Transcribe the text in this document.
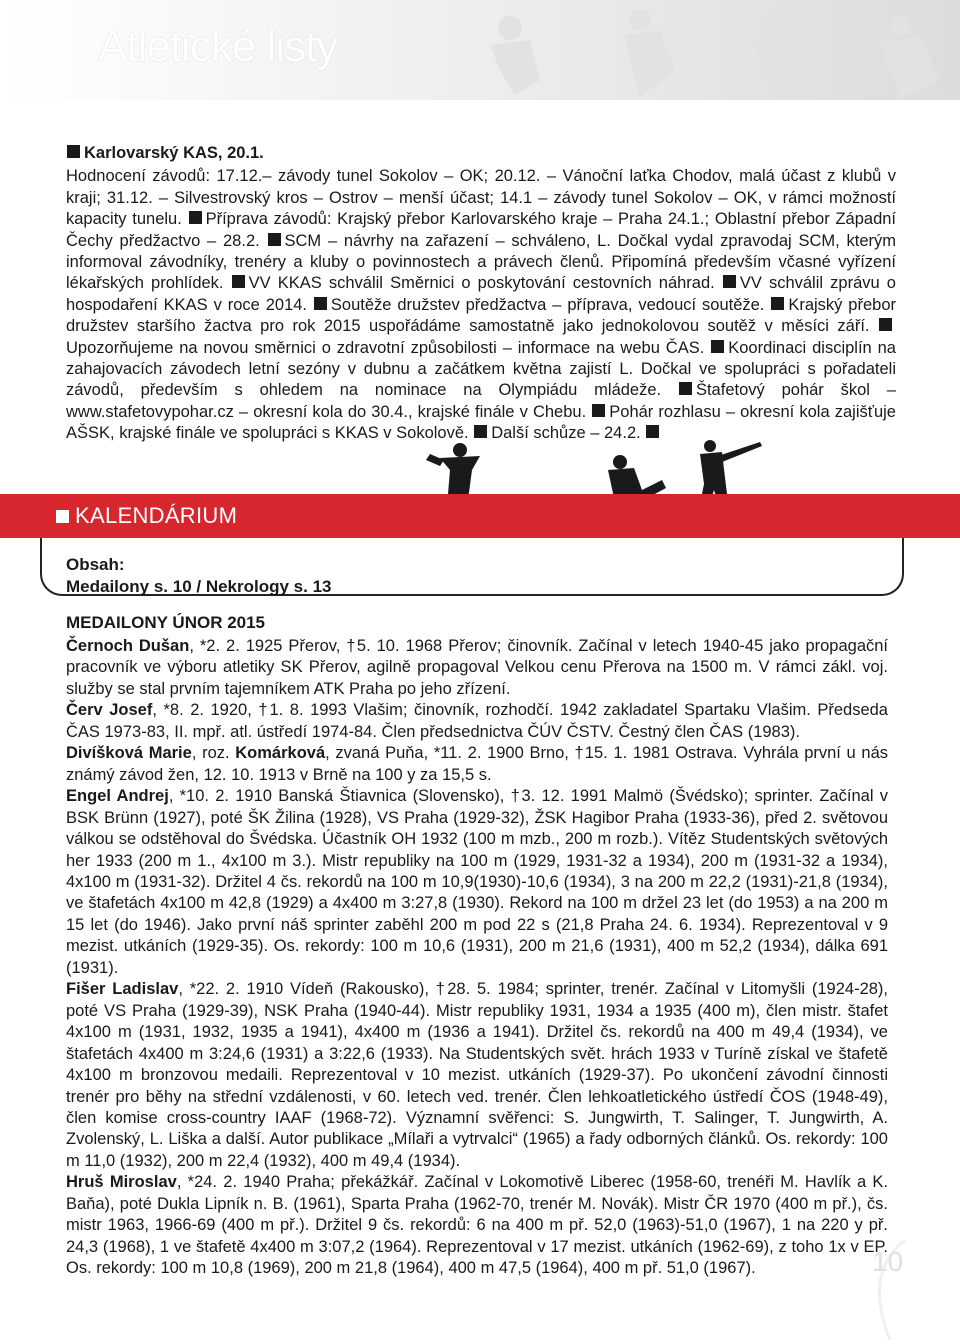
Atletické listy
Karlovarský KAS, 20.1.
Hodnocení závodů: 17.12.– závody tunel Sokolov – OK; 20.12. – Vánoční laťka Chodov, malá účast z klubů v kraji; 31.12. – Silvestrovský kros – Ostrov – menší účast; 14.1 – závody tunel Sokolov – OK, v rámci možností kapacity tunelu. Příprava závodů: Krajský přebor Karlovarského kraje – Praha 24.1.; Oblastní přebor Západní Čechy předžactvo – 28.2. SCM – návrhy na zařazení – schváleno, L. Dočkal vydal zpravodaj SCM, kterým informoval závodníky, trenéry a kluby o povinnostech a právech členů. Připomíná především včasné vyřízení lékařských prohlídek. VV KKAS schválil Směrnici o poskytování cestovních náhrad. VV schválil zprávu o hospodaření KKAS v roce 2014. Soutěže družstev předžactva – příprava, vedoucí soutěže. Krajský přebor družstev staršího žactva pro rok 2015 uspořádáme samostatně jako jednokolovou soutěž v měsíci září. Upozorňujeme na novou směrnici o zdravotní způsobilosti – informace na webu ČAS. Koordinaci disciplín na zahajovacích závodech letní sezóny v dubnu a začátkem května zajistí L. Dočkal ve spolupráci s pořadateli závodů, především s ohledem na nominace na Olympiádu mládeže. Štafetový pohár škol – www.stafetovypohar.cz – okresní kola do 30.4., krajské finále v Chebu. Pohár rozhlasu – okresní kola zajišťuje AŠSK, krajské finále ve spolupráci s KKAS v Sokolově. Další schůze – 24.2.
KALENDÁRIUM
Obsah:
Medailony s. 10 / Nekrology s. 13
MEDAILONY ÚNOR 2015

Černoch Dušan, *2. 2. 1925 Přerov, †5. 10. 1968 Přerov; činovník. Začínal v letech 1940-45 jako propagační pracovník ve výboru atletiky SK Přerov, agilně propagoval Velkou cenu Přerova na 1500 m. V rámci zákl. voj. služby se stal prvním tajemníkem ATK Praha po jeho zřízení.

Červ Josef, *8. 2. 1920, †1. 8. 1993 Vlašim; činovník, rozhodčí. 1942 zakladatel Spartaku Vlašim. Předseda ČAS 1973-83, II. mpř. atl. ústředí 1974-84. Člen předsednictva ČÚV ČSTV. Čestný člen ČAS (1983).

Divíšková Marie, roz. Komárková, zvaná Puňa, *11. 2. 1900 Brno, †15. 1. 1981 Ostrava. Vyhrála první u nás známý závod žen, 12. 10. 1913 v Brně na 100 y za 15,5 s.

Engel Andrej, *10. 2. 1910 Banská Štiavnica (Slovensko), †3. 12. 1991 Malmö (Švédsko); sprinter. Začínal v BSK Brünn (1927), poté ŠK Žilina (1928), VS Praha (1929-32), ŽSK Hagibor Praha (1933-36), před 2. světovou válkou se odstěhoval do Švédska. Účastník OH 1932 (100 m mzb., 200 m rozb.). Vítěz Studentských světových her 1933 (200 m 1., 4x100 m 3.). Mistr republiky na 100 m (1929, 1931-32 a 1934), 200 m (1931-32 a 1934), 4x100 m (1931-32). Držitel 4 čs. rekordů na 100 m 10,9(1930)-10,6 (1934), 3 na 200 m 22,2 (1931)-21,8 (1934), ve štafetách 4x100 m 42,8 (1929) a 4x400 m 3:27,8 (1930). Rekord na 100 m držel 23 let (do 1953) a na 200 m 15 let (do 1946). Jako první náš sprinter zaběhl 200 m pod 22 s (21,8 Praha 24. 6. 1934). Reprezentoval v 9 mezist. utkáních (1929-35). Os. rekordy: 100 m 10,6 (1931), 200 m 21,6 (1931), 400 m 52,2 (1934), dálka 691 (1931).

Fišer Ladislav, *22. 2. 1910 Vídeň (Rakousko), †28. 5. 1984; sprinter, trenér. Začínal v Litomyšli (1924-28), poté VS Praha (1929-39), NSK Praha (1940-44). Mistr republiky 1931, 1934 a 1935 (400 m), člen mistr. štafet 4x100 m (1931, 1932, 1935 a 1941), 4x400 m (1936 a 1941). Držitel čs. rekordů na 400 m 49,4 (1934), ve štafetách 4x400 m 3:24,6 (1931) a 3:22,6 (1933). Na Studentských svět. hrách 1933 v Turíně získal ve štafetě 4x100 m bronzovou medaili. Reprezentoval v 10 mezist. utkáních (1929-37). Po ukončení závodní činnosti trenér pro běhy na střední vzdálenosti, v 60. letech ved. trenér. Člen lehkoatletického ústředí ČOS (1948-49), člen komise cross-country IAAF (1968-72). Významní svěřenci: S. Jungwirth, T. Salinger, T. Jungwirth, A. Zvolenský, L. Liška a další. Autor publikace „Mílaři a vytrvalci“ (1965) a řady odborných článků. Os. rekordy: 100 m 11,0 (1932), 200 m 22,4 (1932), 400 m 49,4 (1934).

Hruš Miroslav, *24. 2. 1940 Praha; překážkář. Začínal v Lokomotivě Liberec (1958-60, trenéři M. Havlík a K. Baňa), poté Dukla Lipník n. B. (1961), Sparta Praha (1962-70, trenér M. Novák). Mistr ČR 1970 (400 m př.), čs. mistr 1963, 1966-69 (400 m př.). Držitel 9 čs. rekordů: 6 na 400 m př. 52,0 (1963)-51,0 (1967), 1 na 220 y př. 24,3 (1968), 1 ve štafetě 4x400 m 3:07,2 (1964). Reprezentoval v 17 mezist. utkáních (1962-69), z toho 1x v EP. Os. rekordy: 100 m 10,8 (1969), 200 m 21,8 (1964), 400 m 47,5 (1964), 400 m př. 51,0 (1967).	10
